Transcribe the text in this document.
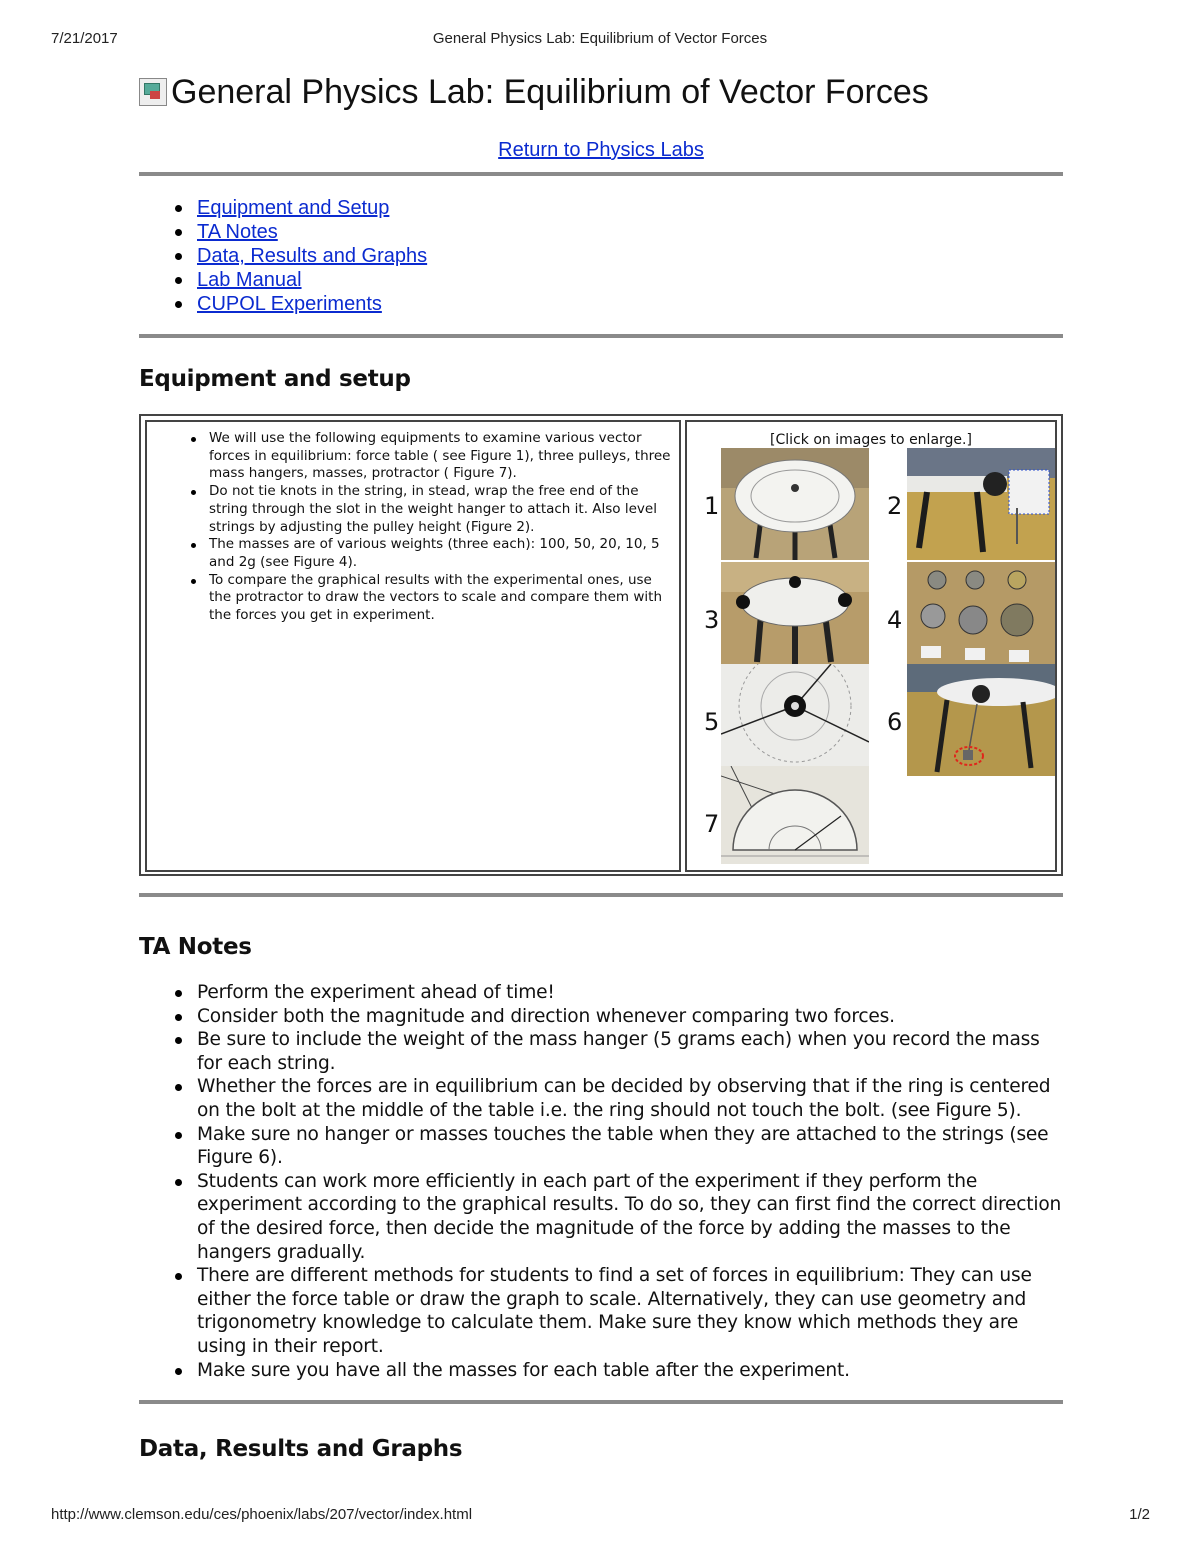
7/21/2017	General Physics Lab: Equilibrium of Vector Forces
General Physics Lab: Equilibrium of Vector Forces
Return to Physics Labs
Equipment and Setup
TA Notes
Data, Results and Graphs
Lab Manual
CUPOL Experiments
Equipment and setup
We will use the following equipments to examine various vector forces in equilibrium: force table ( see Figure 1), three pulleys, three mass hangers, masses, protractor ( Figure 7).
Do not tie knots in the string, in stead, wrap the free end of the string through the slot in the weight hanger to attach it. Also level strings by adjusting the pulley height (Figure 2).
The masses are of various weights (three each): 100, 50, 20, 10, 5 and 2g (see Figure 4).
To compare the graphical results with the experimental ones, use the protractor to draw the vectors to scale and compare them with the forces you get in experiment.
[Click on images to enlarge.]
1	2
3	4
5	6
7
TA Notes
Perform the experiment ahead of time!
Consider both the magnitude and direction whenever comparing two forces.
Be sure to include the weight of the mass hanger (5 grams each) when you record the mass for each string.
Whether the forces are in equilibrium can be decided by observing that if the ring is centered on the bolt at the middle of the table i.e. the ring should not touch the bolt. (see Figure 5).
Make sure no hanger or masses touches the table when they are attached to the strings (see Figure 6).
Students can work more efficiently in each part of the experiment if they perform the experiment according to the graphical results. To do so, they can first find the correct direction of the desired force, then decide the magnitude of the force by adding the masses to the hangers gradually.
There are different methods for students to find a set of forces in equilibrium: They can use either the force table or draw the graph to scale. Alternatively, they can use geometry and trigonometry knowledge to calculate them. Make sure they know which methods they are using in their report.
Make sure you have all the masses for each table after the experiment.
Data, Results and Graphs
http://www.clemson.edu/ces/phoenix/labs/207/vector/index.html	1/2
